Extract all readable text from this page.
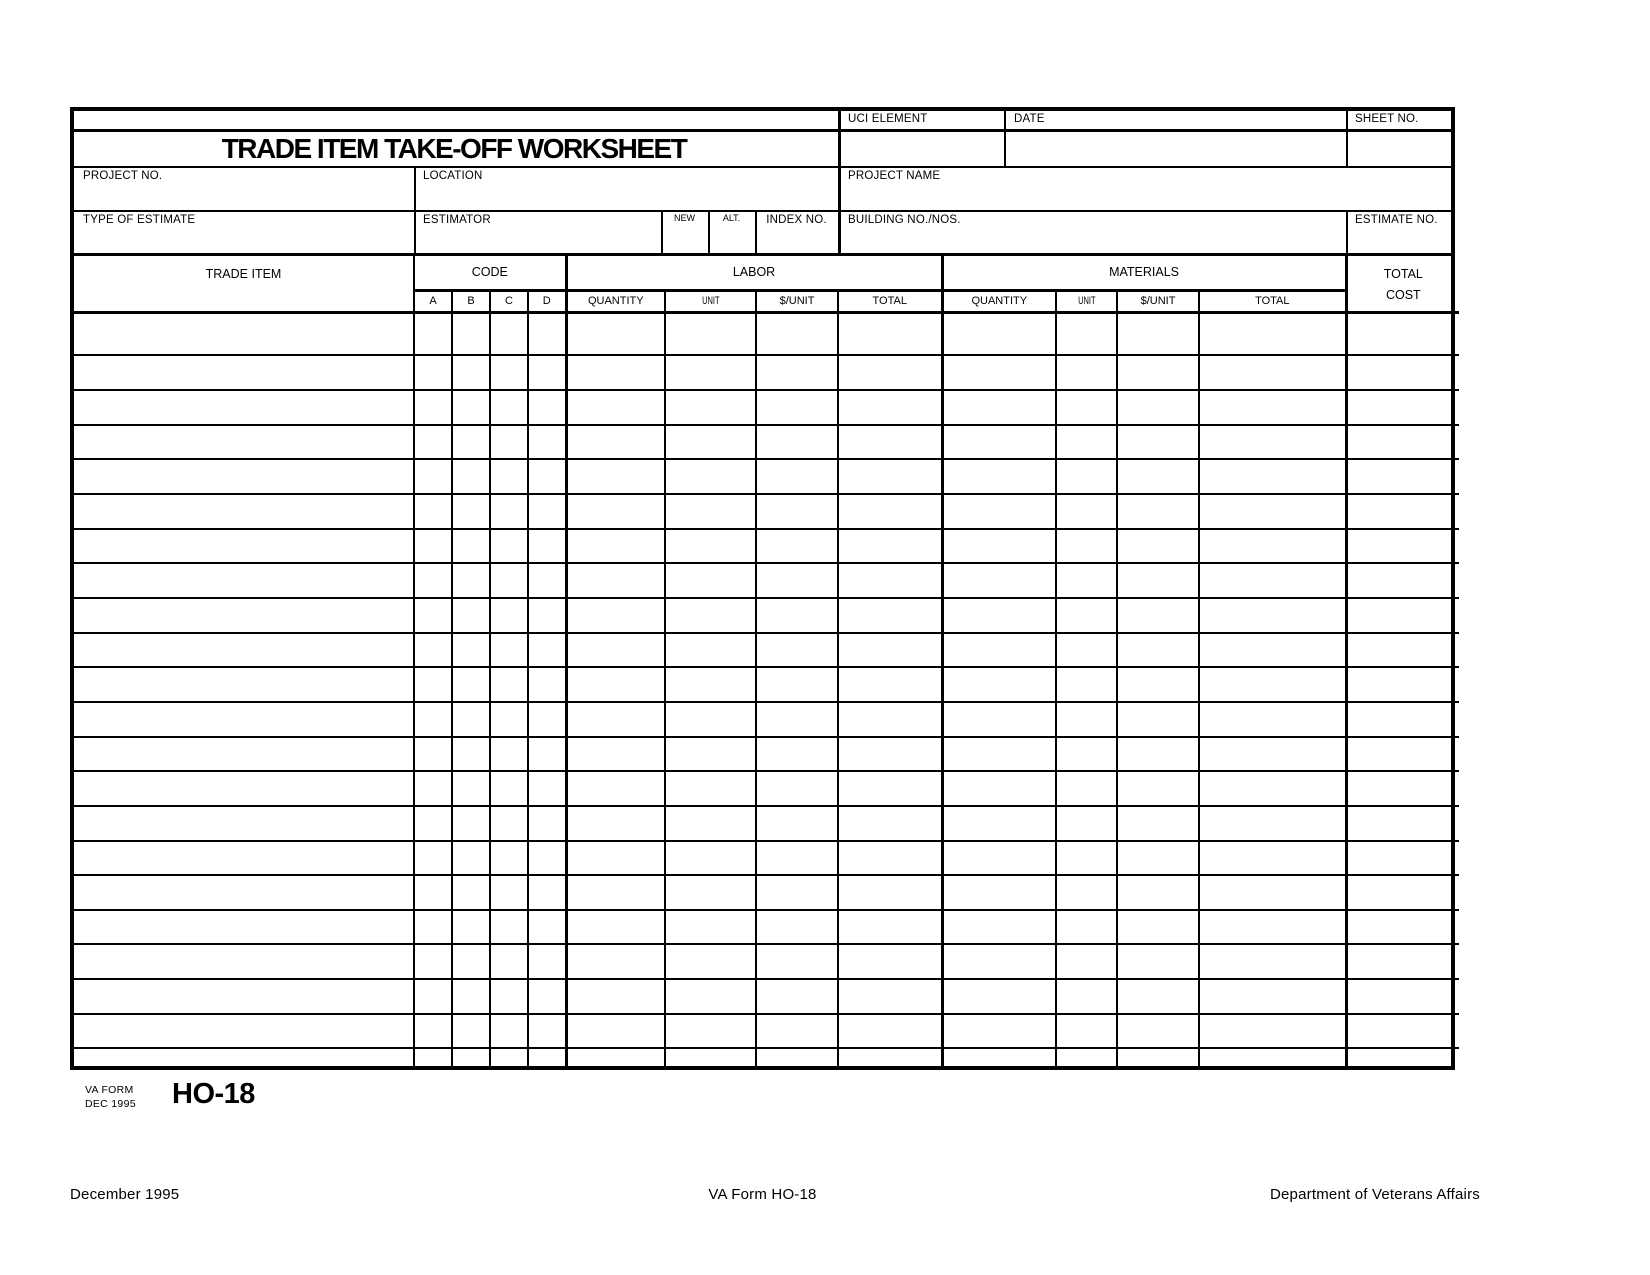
UCI ELEMENT	DATE	SHEET NO.
TRADE ITEM TAKE-OFF WORKSHEET
PROJECT NO.	LOCATION	PROJECT NAME
TYPE OF ESTIMATE	ESTIMATOR	NEW	ALT.	INDEX NO.	BUILDING NO./NOS.	ESTIMATE NO.
TRADE ITEM	CODE				LABOR				MATERIALS				TOTAL
COST
	A	B	C	D	QUANTITY	UNIT	$/UNIT	TOTAL	QUANTITY	UNIT	$/UNIT	TOTAL	

VA FORM
DEC 1995 HO-18
December 1995	VA Form HO-18	Department of Veterans Affairs
